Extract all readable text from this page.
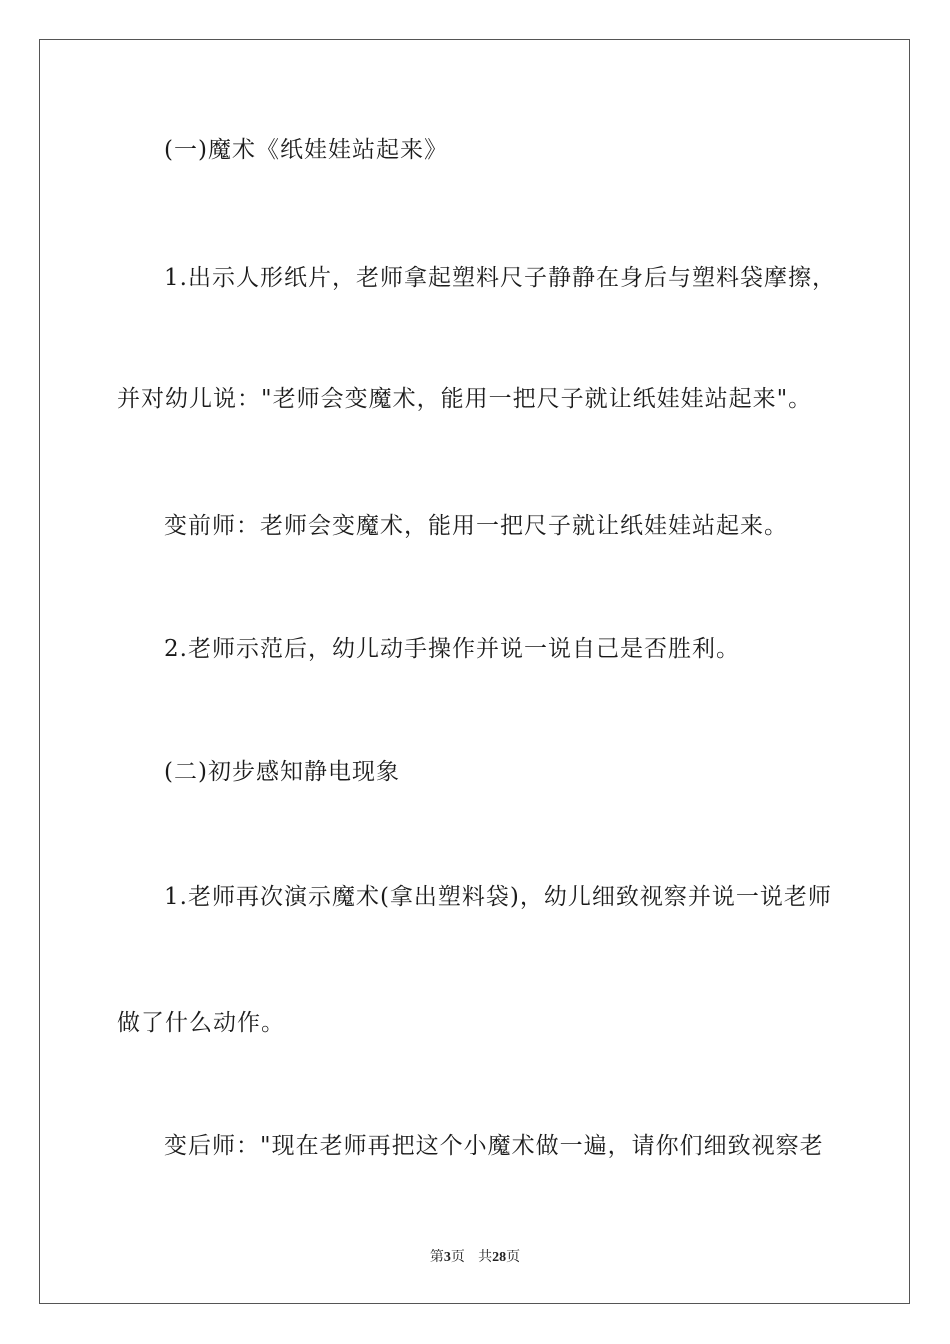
(一)魔术《纸娃娃站起来》

1.出示人形纸片，老师拿起塑料尺子静静在身后与塑料袋摩擦，

并对幼儿说："老师会变魔术，能用一把尺子就让纸娃娃站起来"。

变前师：老师会变魔术，能用一把尺子就让纸娃娃站起来。

2.老师示范后，幼儿动手操作并说一说自己是否胜利。

(二)初步感知静电现象

1.老师再次演示魔术(拿出塑料袋)，幼儿细致视察并说一说老师

做了什么动作。

变后师："现在老师再把这个小魔术做一遍，请你们细致视察老

第3页 共28页
